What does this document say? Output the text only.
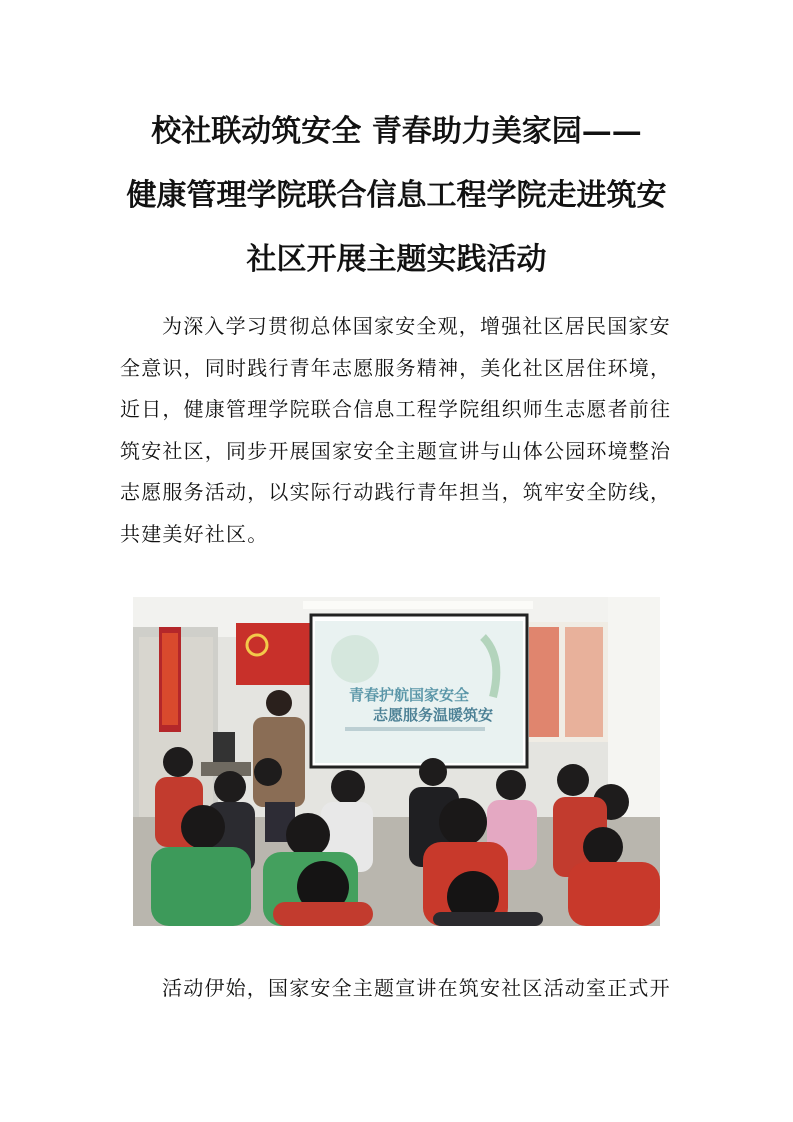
校社联动筑安全 青春助力美家园——
健康管理学院联合信息工程学院走进筑安
社区开展主题实践活动

为深入学习贯彻总体国家安全观，增强社区居民国家安全意识，同时践行青年志愿服务精神，美化社区居住环境，近日，健康管理学院联合信息工程学院组织师生志愿者前往筑安社区，同步开展国家安全主题宣讲与山体公园环境整治志愿服务活动，以实际行动践行青年担当，筑牢安全防线，共建美好社区。

青春护航国家安全
志愿服务温暖筑安

活动伊始，国家安全主题宣讲在筑安社区活动室正式开
